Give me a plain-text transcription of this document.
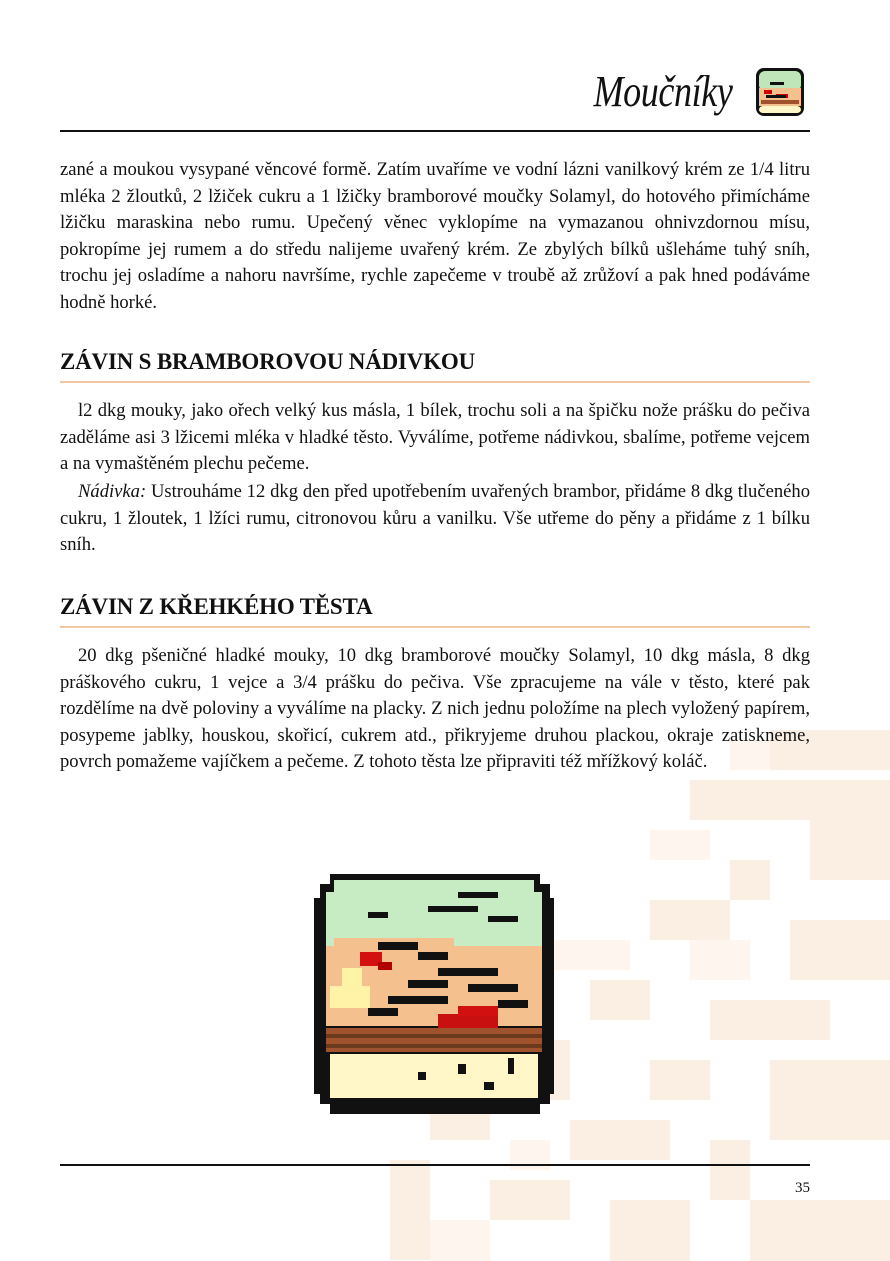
Moučníky

zané a moukou vysypané věncové formě. Zatím uvaříme ve vodní lázni vanilkový krém ze 1/4 litru mléka 2 žloutků, 2 lžiček cukru a 1 lžičky bramborové moučky Solamyl, do hotového přimícháme lžičku maraskina nebo rumu. Upečený věnec vyklopíme na vymazanou ohnivzdornou mísu, pokropíme jej rumem a do středu nalijeme uvařený krém. Ze zbylých bílků ušleháme tuhý sníh, trochu jej osladíme a nahoru navršíme, rychle zapečeme v troubě až zrůžoví a pak hned podáváme hodně horké.

ZÁVIN S BRAMBOROVOU NÁDIVKOU

l2 dkg mouky, jako ořech velký kus másla, 1 bílek, trochu soli a na špičku nože prášku do pečiva zaděláme asi 3 lžicemi mléka v hladké těsto. Vyválíme, potřeme nádivkou, sbalíme, potřeme vejcem a na vymaštěném plechu pečeme.

Nádivka: Ustrouháme 12 dkg den před upotřebením uvařených brambor, přidáme 8 dkg tlučeného cukru, 1 žloutek, 1 lžíci rumu, citronovou kůru a vanilku. Vše utřeme do pěny a přidáme z 1 bílku sníh.

ZÁVIN Z KŘEHKÉHO TĚSTA

20 dkg pšeničné hladké mouky, 10 dkg bramborové moučky Solamyl, 10 dkg másla, 8 dkg práškového cukru, 1 vejce a 3/4 prášku do pečiva. Vše zpracujeme na vále v těsto, které pak rozdělíme na dvě poloviny a vyválíme na placky. Z nich jednu položíme na plech vyložený papírem, posypeme jablky, houskou, skořicí, cukrem atd., přikryjeme druhou plackou, okraje zatiskneme, povrch pomažeme vajíčkem a pečeme. Z tohoto těsta lze připraviti též mřížkový koláč.

35
